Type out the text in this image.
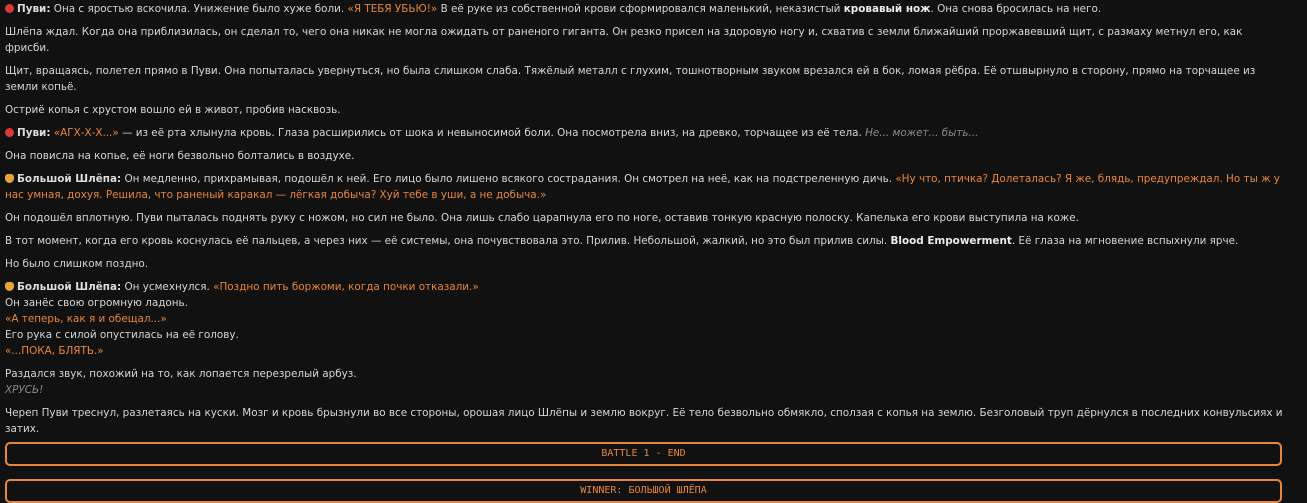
Пуви: Она с яростью вскочила. Унижение было хуже боли. «Я ТЕБЯ УБЬЮ!» В её руке из собственной крови сформировался маленький, неказистый кровавый нож. Она снова бросилась на него.
Шлёпа ждал. Когда она приблизилась, он сделал то, чего она никак не могла ожидать от раненого гиганта. Он резко присел на здоровую ногу и, схватив с земли ближайший проржавевший щит, с размаху метнул его, как фрисби.
Щит, вращаясь, полетел прямо в Пуви. Она попыталась увернуться, но была слишком слаба. Тяжёлый металл с глухим, тошнотворным звуком врезался ей в бок, ломая рёбра. Её отшвырнуло в сторону, прямо на торчащее из земли копьё.
Остриё копья с хрустом вошло ей в живот, пробив насквозь.
Пуви: «АГХ-Х-Х...» — из её рта хлынула кровь. Глаза расширились от шока и невыносимой боли. Она посмотрела вниз, на древко, торчащее из её тела. Не... может... быть...
Она повисла на копье, её ноги безвольно болтались в воздухе.
Большой Шлёпа: Он медленно, прихрамывая, подошёл к ней. Его лицо было лишено всякого сострадания. Он смотрел на неё, как на подстреленную дичь. «Ну что, птичка? Долеталась? Я же, блядь, предупреждал. Но ты ж у нас умная, дохуя. Решила, что раненый каракал — лёгкая добыча? Хуй тебе в уши, а не добыча.»
Он подошёл вплотную. Пуви пыталась поднять руку с ножом, но сил не было. Она лишь слабо царапнула его по ноге, оставив тонкую красную полоску. Капелька его крови выступила на коже.
В тот момент, когда его кровь коснулась её пальцев, а через них — её системы, она почувствовала это. Прилив. Небольшой, жалкий, но это был прилив силы. Blood Empowerment. Её глаза на мгновение вспыхнули ярче.
Но было слишком поздно.
Большой Шлёпа: Он усмехнулся. «Поздно пить боржоми, когда почки отказали.»
Он занёс свою огромную ладонь.
«А теперь, как я и обещал...»
Его рука с силой опустилась на её голову.
«...ПОКА, БЛЯТЬ.»
Раздался звук, похожий на то, как лопается перезрелый арбуз.
ХРУСЬ!
Череп Пуви треснул, разлетаясь на куски. Мозг и кровь брызнули во все стороны, орошая лицо Шлёпы и землю вокруг. Её тело безвольно обмякло, сползая с копья на землю. Безголовый труп дёрнулся в последних конвульсиях и затих.
BATTLE 1 - END
WINNER: БОЛЬШОЙ ШЛЁПА
